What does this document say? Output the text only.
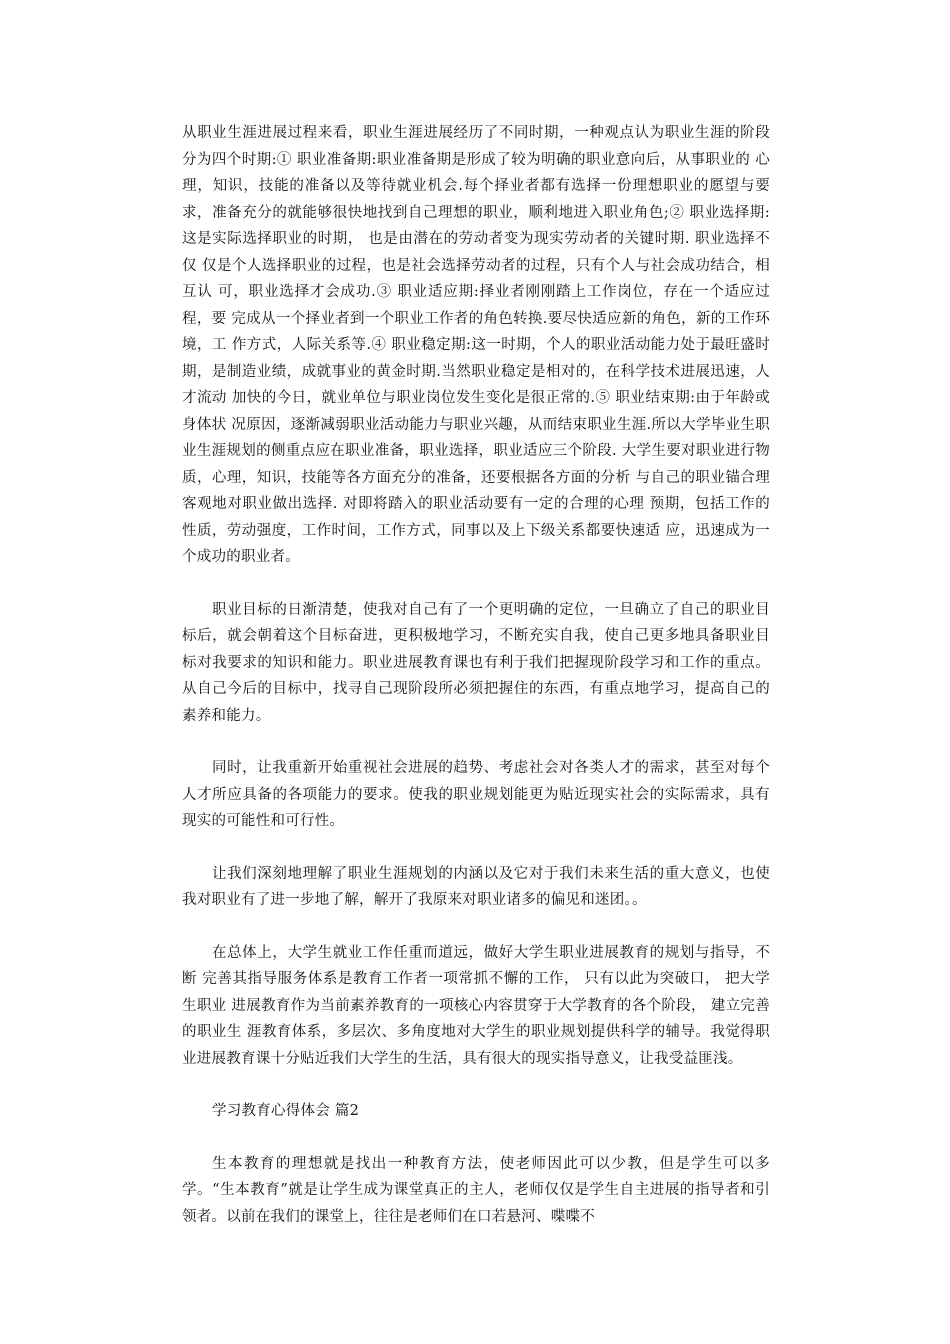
从职业生涯进展过程来看，职业生涯进展经历了不同时期，一种观点认为职业生涯的阶段分为四个时期:① 职业准备期:职业准备期是形成了较为明确的职业意向后，从事职业的 心理，知识，技能的准备以及等待就业机会.每个择业者都有选择一份理想职业的愿望与要 求，准备充分的就能够很快地找到自己理想的职业，顺利地进入职业角色;② 职业选择期: 这是实际选择职业的时期， 也是由潜在的劳动者变为现实劳动者的关键时期. 职业选择不仅 仅是个人选择职业的过程，也是社会选择劳动者的过程，只有个人与社会成功结合，相互认 可，职业选择才会成功.③ 职业适应期:择业者刚刚踏上工作岗位，存在一个适应过程，要 完成从一个择业者到一个职业工作者的角色转换.要尽快适应新的角色，新的工作环境，工 作方式，人际关系等.④ 职业稳定期:这一时期，个人的职业活动能力处于最旺盛时期，是制造业绩，成就事业的黄金时期.当然职业稳定是相对的，在科学技术进展迅速，人才流动 加快的今日，就业单位与职业岗位发生变化是很正常的.⑤ 职业结束期:由于年龄或身体状 况原因，逐渐减弱职业活动能力与职业兴趣，从而结束职业生涯.所以大学毕业生职业生涯规划的侧重点应在职业准备，职业选择，职业适应三个阶段. 大学生要对职业进行物质，心理，知识，技能等各方面充分的准备，还要根据各方面的分析 与自己的职业锚合理客观地对职业做出选择. 对即将踏入的职业活动要有一定的合理的心理 预期，包括工作的性质，劳动强度，工作时间，工作方式，同事以及上下级关系都要快速适 应，迅速成为一个成功的职业者。

职业目标的日渐清楚，使我对自己有了一个更明确的定位，一旦确立了自己的职业目标后，就会朝着这个目标奋进，更积极地学习，不断充实自我，使自己更多地具备职业目标对我要求的知识和能力。职业进展教育课也有利于我们把握现阶段学习和工作的重点。从自己今后的目标中，找寻自己现阶段所必须把握住的东西，有重点地学习，提高自己的素养和能力。

同时，让我重新开始重视社会进展的趋势、考虑社会对各类人才的需求，甚至对每个人才所应具备的各项能力的要求。使我的职业规划能更为贴近现实社会的实际需求，具有现实的可能性和可行性。

让我们深刻地理解了职业生涯规划的内涵以及它对于我们未来生活的重大意义，也使我对职业有了进一步地了解，解开了我原来对职业诸多的偏见和迷团。。

在总体上，大学生就业工作任重而道远，做好大学生职业进展教育的规划与指导，不断 完善其指导服务体系是教育工作者一项常抓不懈的工作， 只有以此为突破口， 把大学生职业 进展教育作为当前素养教育的一项核心内容贯穿于大学教育的各个阶段， 建立完善的职业生 涯教育体系，多层次、多角度地对大学生的职业规划提供科学的辅导。我觉得职业进展教育课十分贴近我们大学生的生活，具有很大的现实指导意义，让我受益匪浅。

学习教育心得体会 篇2

生本教育的理想就是找出一种教育方法，使老师因此可以少教，但是学生可以多学。“生本教育”就是让学生成为课堂真正的主人，老师仅仅是学生自主进展的指导者和引领者。以前在我们的课堂上，往往是老师们在口若悬河、喋喋不
